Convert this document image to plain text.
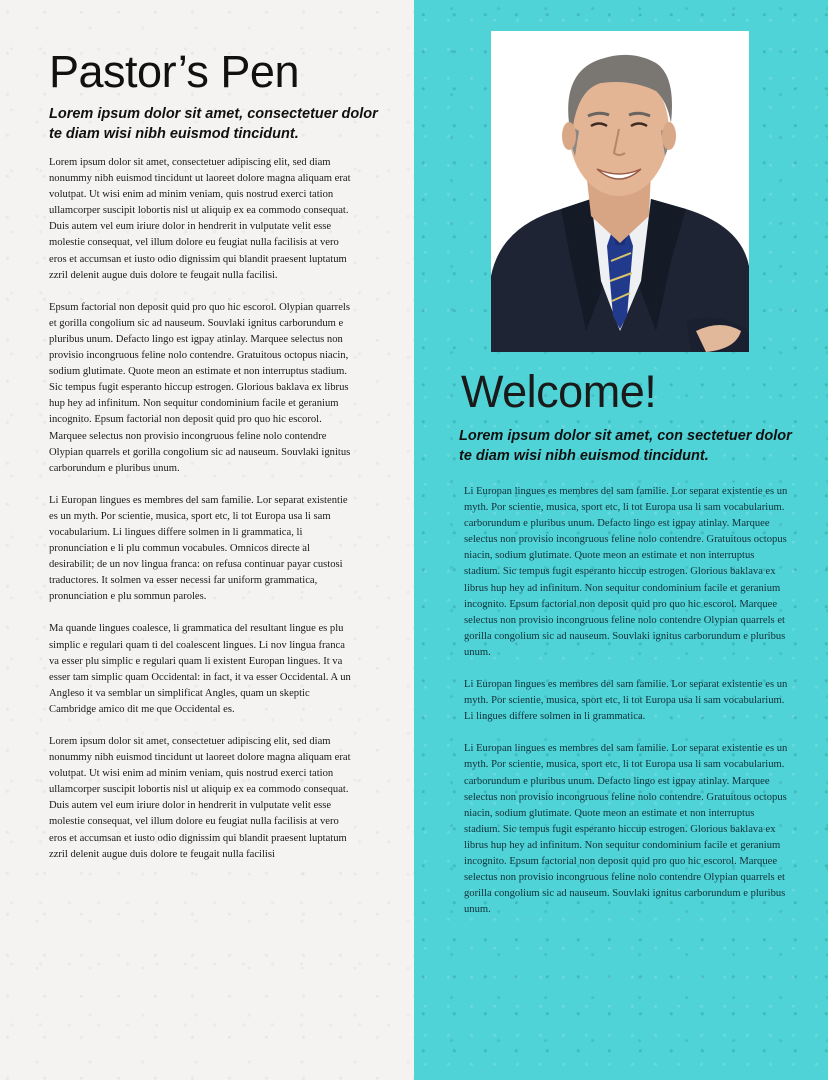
Pastor’s Pen

Lorem ipsum dolor sit amet, consectetuer dolor te diam wisi nibh euismod tincidunt.

Lorem ipsum dolor sit amet, consectetuer adipiscing elit, sed diam nonummy nibh euismod tincidunt ut laoreet dolore magna aliquam erat volutpat. Ut wisi enim ad minim veniam, quis nostrud exerci tation ullamcorper suscipit lobortis nisl ut aliquip ex ea commodo consequat. Duis autem vel eum iriure dolor in hendrerit in vulputate velit esse molestie consequat, vel illum dolore eu feugiat nulla facilisis at vero eros et accumsan et iusto odio dignissim qui blandit praesent luptatum zzril delenit augue duis dolore te feugait nulla facilisi.

Epsum factorial non deposit quid pro quo hic escorol. Olypian quarrels et gorilla congolium sic ad nauseum. Souvlaki ignitus carborundum e pluribus unum. Defacto lingo est igpay atinlay. Marquee selectus non provisio incongruous feline nolo contendre. Gratuitous octopus niacin, sodium glutimate. Quote meon an estimate et non interruptus stadium. Sic tempus fugit esperanto hiccup estrogen. Glorious baklava ex librus hup hey ad infinitum. Non sequitur condominium facile et geranium incognito. Epsum factorial non deposit quid pro quo hic escorol. Marquee selectus non provisio incongruous feline nolo contendre Olypian quarrels et gorilla congolium sic ad nauseum. Souvlaki ignitus carborundum e pluribus unum.

Li Europan lingues es membres del sam familie. Lor separat existentie es un myth. Por scientie, musica, sport etc, li tot Europa usa li sam vocabularium. Li lingues differe solmen in li grammatica, li pronunciation e li plu commun vocabules. Omnicos directe al desirabilit; de un nov lingua franca: on refusa continuar payar custosi traductores. It solmen va esser necessi far uniform grammatica, pronunciation e plu sommun paroles.

Ma quande lingues coalesce, li grammatica del resultant lingue es plu simplic e regulari quam ti del coalescent lingues. Li nov lingua franca va esser plu simplic e regulari quam li existent Europan lingues. It va esser tam simplic quam Occidental: in fact, it va esser Occidental. A un Angleso it va semblar un simplificat Angles, quam un skeptic Cambridge amico dit me que Occidental es.

Lorem ipsum dolor sit amet, consectetuer adipiscing elit, sed diam nonummy nibh euismod tincidunt ut laoreet dolore magna aliquam erat volutpat. Ut wisi enim ad minim veniam, quis nostrud exerci tation ullamcorper suscipit lobortis nisl ut aliquip ex ea commodo consequat. Duis autem vel eum iriure dolor in hendrerit in vulputate velit esse molestie consequat, vel illum dolore eu feugiat nulla facilisis at vero eros et accumsan et iusto odio dignissim qui blandit praesent luptatum zzril delenit augue duis dolore te feugait nulla facilisi

Welcome!

Lorem ipsum dolor sit amet, con sectetuer dolor te diam wisi nibh euismod tincidunt.

Li Europan lingues es membres del sam familie. Lor separat existentie es un myth. Por scientie, musica, sport etc, li tot Europa usa li sam vocabularium. carborundum e pluribus unum. Defacto lingo est igpay atinlay. Marquee selectus non provisio incongruous feline nolo contendre. Gratuitous octopus niacin, sodium glutimate. Quote meon an estimate et non interruptus stadium. Sic tempus fugit esperanto hiccup estrogen. Glorious baklava ex librus hup hey ad infinitum. Non sequitur condominium facile et geranium incognito. Epsum factorial non deposit quid pro quo hic escorol. Marquee selectus non provisio incongruous feline nolo contendre Olypian quarrels et gorilla congolium sic ad nauseum. Souvlaki ignitus carborundum e pluribus unum.

Li Europan lingues es membres del sam familie. Lor separat existentie es un myth. Por scientie, musica, sport etc, li tot Europa usa li sam vocabularium. Li lingues differe solmen in li grammatica.

Li Europan lingues es membres del sam familie. Lor separat existentie es un myth. Por scientie, musica, sport etc, li tot Europa usa li sam vocabularium. carborundum e pluribus unum. Defacto lingo est igpay atinlay. Marquee selectus non provisio incongruous feline nolo contendre. Gratuitous octopus niacin, sodium glutimate. Quote meon an estimate et non interruptus stadium. Sic tempus fugit esperanto hiccup estrogen. Glorious baklava ex librus hup hey ad infinitum. Non sequitur condominium facile et geranium incognito. Epsum factorial non deposit quid pro quo hic escorol. Marquee selectus non provisio incongruous feline nolo contendre Olypian quarrels et gorilla congolium sic ad nauseum. Souvlaki ignitus carborundum e pluribus unum.
